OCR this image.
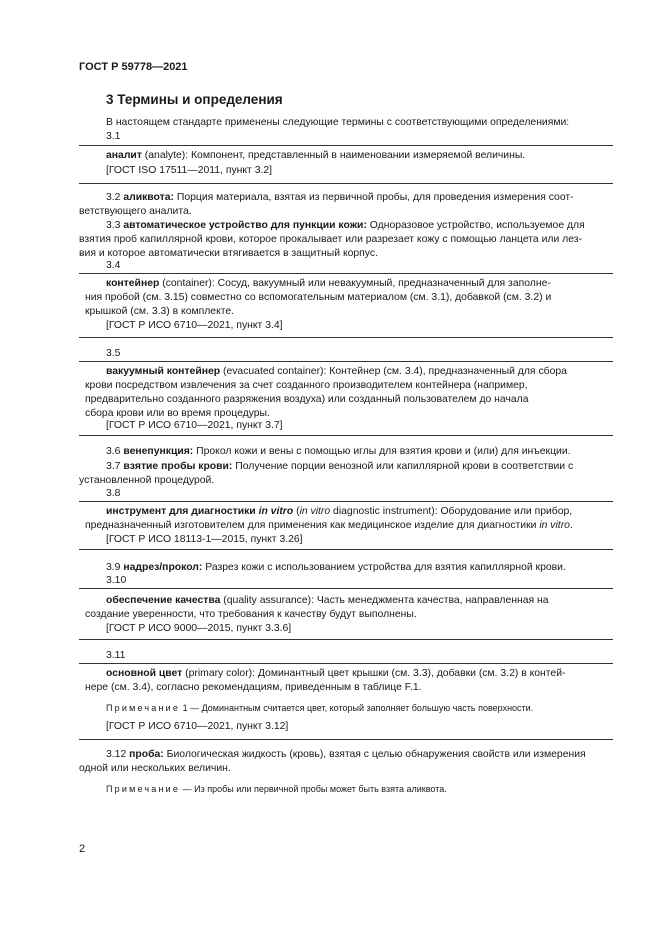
ГОСТ Р 59778—2021
3 Термины и определения
В настоящем стандарте применены следующие термины с соответствующими определениями:
3.1
аналит (analyte): Компонент, представленный в наименовании измеряемой величины.
[ГОСТ ISO 17511—2011, пункт 3.2]
3.2 аликвота: Порция материала, взятая из первичной пробы, для проведения измерения соот-
ветствующего аналита.
3.3 автоматическое устройство для пункции кожи: Одноразовое устройство, используемое для
взятия проб капиллярной крови, которое прокалывает или разрезает кожу с помощью ланцета или лез-
вия и которое автоматически втягивается в защитный корпус.
3.4
контейнер (container): Сосуд, вакуумный или невакуумный, предназначенный для заполне-
ния пробой (см. 3.15) совместно со вспомогательным материалом (см. 3.1), добавкой (см. 3.2) и
крышкой (см. 3.3) в комплекте.
[ГОСТ Р ИСО 6710—2021, пункт 3.4]
3.5
вакуумный контейнер (evacuated container): Контейнер (см. 3.4), предназначенный для сбора
крови посредством извлечения за счет созданного производителем контейнера (например,
предварительно созданного разряжения воздуха) или созданный пользователем до начала
сбора крови или во время процедуры.
[ГОСТ Р ИСО 6710—2021, пункт 3.7]
3.6 венепункция: Прокол кожи и вены с помощью иглы для взятия крови и (или) для инъекции.
3.7 взятие пробы крови: Получение порции венозной или капиллярной крови в соответствии с
установленной процедурой.
3.8
инструмент для диагностики in vitro (in vitro diagnostic instrument): Оборудование или прибор,
предназначенный изготовителем для применения как медицинское изделие для диагностики in vitro.
[ГОСТ Р ИСО 18113-1—2015, пункт 3.26]
3.9 надрез/прокол: Разрез кожи с использованием устройства для взятия капиллярной крови.
3.10
обеспечение качества (quality assurance): Часть менеджмента качества, направленная на
создание уверенности, что требования к качеству будут выполнены.
[ГОСТ Р ИСО 9000—2015, пункт 3.3.6]
3.11
основной цвет (primary color): Доминантный цвет крышки (см. 3.3), добавки (см. 3.2) в контей-
нере (см. 3.4), согласно рекомендациям, приведенным в таблице F.1.
Примечание 1 — Доминантным считается цвет, который заполняет большую часть поверхности.
[ГОСТ Р ИСО 6710—2021, пункт 3.12]
3.12 проба: Биологическая жидкость (кровь), взятая с целью обнаружения свойств или измерения
одной или нескольких величин.
Примечание — Из пробы или первичной пробы может быть взята аликвота.
2
